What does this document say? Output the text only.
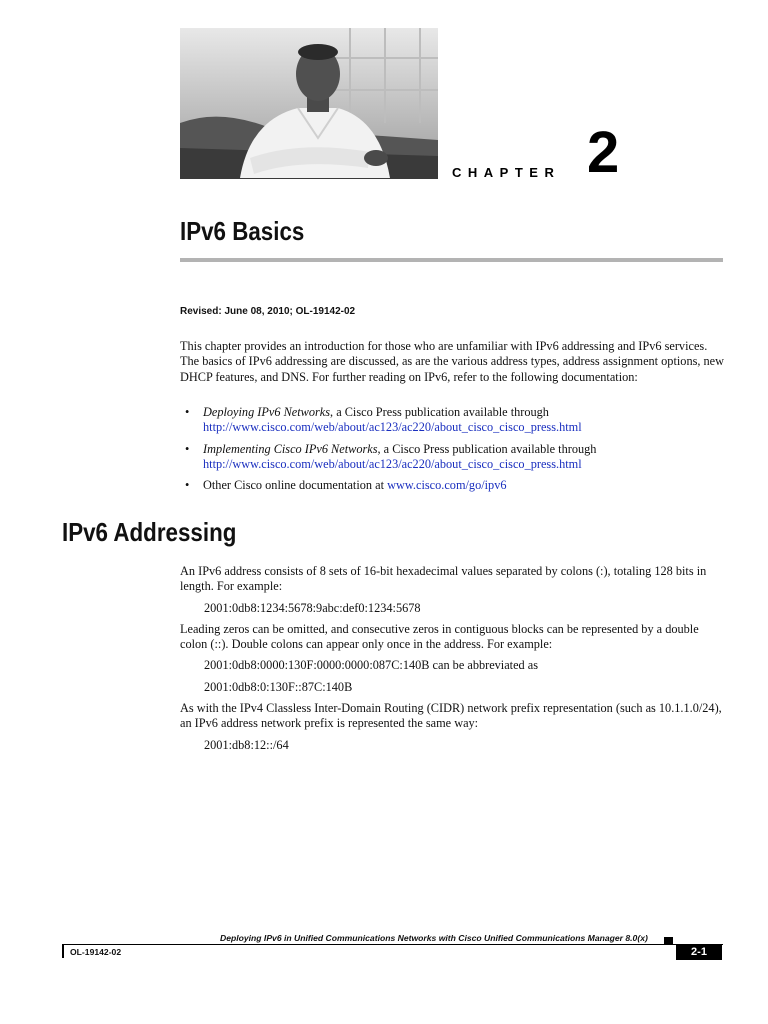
CHAPTER 2
IPv6 Basics
Revised: June 08, 2010; OL-19142-02

This chapter provides an introduction for those who are unfamiliar with IPv6 addressing and IPv6 services. The basics of IPv6 addressing are discussed, as are the various address types, address assignment options, new DHCP features, and DNS. For further reading on IPv6, refer to the following documentation:

• Deploying IPv6 Networks, a Cisco Press publication available through
http://www.cisco.com/web/about/ac123/ac220/about_cisco_cisco_press.html
• Implementing Cisco IPv6 Networks, a Cisco Press publication available through
http://www.cisco.com/web/about/ac123/ac220/about_cisco_cisco_press.html
• Other Cisco online documentation at www.cisco.com/go/ipv6
IPv6 Addressing

An IPv6 address consists of 8 sets of 16-bit hexadecimal values separated by colons (:), totaling 128 bits in length. For example:

2001:0db8:1234:5678:9abc:def0:1234:5678

Leading zeros can be omitted, and consecutive zeros in contiguous blocks can be represented by a double colon (::). Double colons can appear only once in the address. For example:

2001:0db8:0000:130F:0000:0000:087C:140B can be abbreviated as
2001:0db8:0:130F::87C:140B

As with the IPv4 Classless Inter-Domain Routing (CIDR) network prefix representation (such as 10.1.1.0/24), an IPv6 address network prefix is represented the same way:

2001:db8:12::/64
Deploying IPv6 in Unified Communications Networks with Cisco Unified Communications Manager 8.0(x)
OL-19142-02	2-1
